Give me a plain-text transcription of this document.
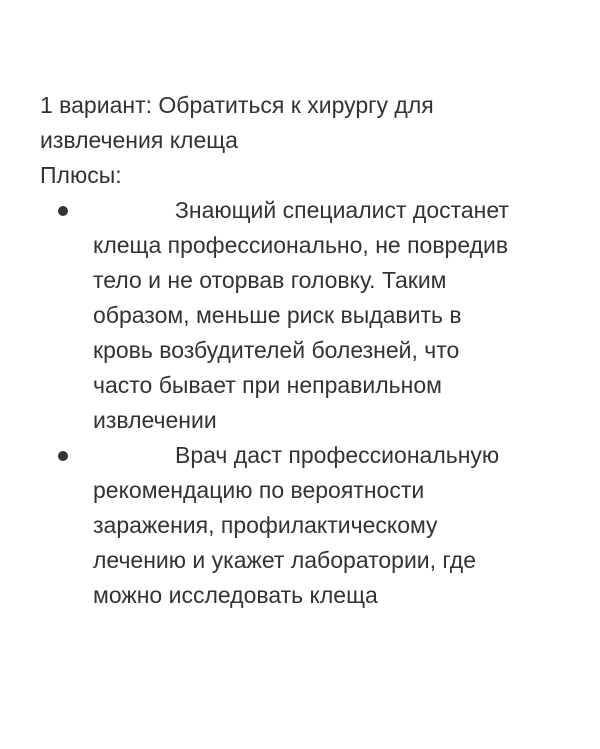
1 вариант: Обратиться к хирургу для
извлечения клеща
Плюсы:
Знающий специалист достанет
клеща профессионально, не повредив
тело и не оторвав головку. Таким
образом, меньше риск выдавить в
кровь возбудителей болезней, что
часто бывает при неправильном
извлечении
Врач даст профессиональную
рекомендацию по вероятности
заражения, профилактическому
лечению и укажет лаборатории, где
можно исследовать клеща
